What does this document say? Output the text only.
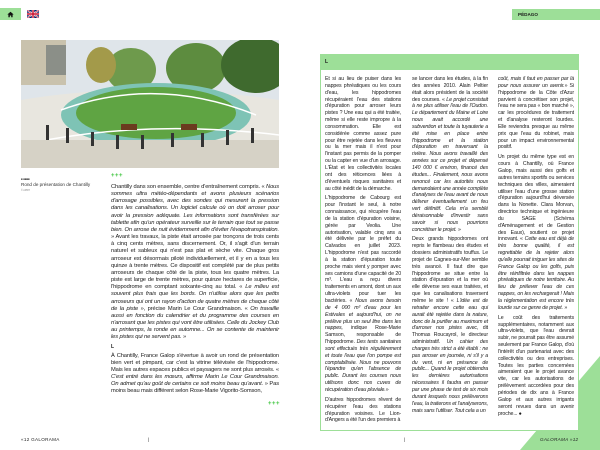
■ ■■■■
Rond de présentation de Chantilly
© APRH
+++

Chantilly dans son ensemble, centre d'entraînement compris. « Nous sommes ultra météo-dépendants et avons plusieurs scénarios d'arrosage possibles, avec des sondes qui mesurent la pression dans les canalisations. Un logiciel calcule où on doit arroser pour avoir la pression adéquate. Les informations sont transférées sur tablette afin qu'un opérateur surveille sur le terrain que tout se passe bien. On arrose de nuit évidemment afin d'éviter l'évapotranspiration. » Avant les travaux, la piste était arrosée par tronçons de trois cents à cinq cents mètres, sans discernement. Or, il s'agit d'un terrain naturel et sableux qui n'est pas plat et sèche vite. Chaque gros arroseur est désormais piloté individuellement, et il y en a tous les quinze à trente mètres. Ce dispositif est complété par de plus petits arroseurs de chaque côté de la piste, tous les quatre mètres. La piste est large de trente mètres, pour quinze hectares de superficie, l'hippodrome en comptant soixante-cinq au total. « Le milieu est souvent plus frais que les bords. On n'utilise alors que les petits arroseurs qui ont un rayon d'action de quatre mètres de chaque côté de la piste », précise Marin Le Cour Grandmaison. « On travaille aussi en fonction du calendrier et du programme des courses en n'arrosant que les pistes qui vont être utilisées. Celle du Jockey Club au printemps, la ronde en automne... On se contente de maintenir les pistes qui ne servent pas. »

L

À Chantilly, France Galop s'évertue à avoir un rond de présentation bien vert et pimpant, car c'est la vitrine télévisée de l'hippodrome. Mais les autres espaces publics et paysagers ne sont plus arrosés. « C'est entré dans les mœurs, affirme Marin Le Cour Grandmaison. On admet qu'au goût de certains ce soit moins beau qu'avant. » Pas moins beau mais différent selon Rose-Marie Vigorito-Somson,

+++
«12 GALORAMA	|	|	GALORAMA »12
PÉDAGO
L

Et si au lieu de puiser dans les nappes phréatiques ou les cours d'eau, les hippodromes récupéraient l'eau des stations d'épuration pour arroser leurs pistes ? Une eau qui a été traitée, même si elle reste impropre à la consommation. Elle est considérée comme assez pure pour être rejetée dans les fleuves ou la mer mais il n'est pour l'instant pas permis de la pomper ou la capter en vue d'un arrosage. L'État et les collectivités locales ont des réticences liées à d'éventuels risques sanitaires et au côté inédit de la démarche.

L'hippodrome de Cabourg est pour l'instant le seul, à notre connaissance, qui récupère l'eau de la station d'épuration voisine, gérée par Veolia. Une autorisation, valable cinq ans a été délivrée par le préfet du Calvados en juillet 2023. L'hippodrome n'est pas raccordé à la station d'épuration toute proche mais vient y pomper avec ses camions d'une capacité de 20 m³. L'eau a reçu divers traitements en amont, dont un aux ultra-violets pour tuer les bactéries. « Nous avons besoin de 4 000 m³ d'eau pour les Estivales et aujourd'hui, on ne prélève plus un seul litre dans les nappes, indique Rose-Marie Samson, responsable de l'hippodrome. Des tests sanitaires sont effectués très régulièrement et toute l'eau que l'on pompe est comptabilisée. Nous ne pouvons l'épandre qu'en l'absence de public. Durant les courses nous utilisons donc nos cuves de récupération d'eau pluviale.»

D'autres hippodromes rêvent de récupérer l'eau des stations d'épuration voisines. Le Lion-d'Angers a été l'un des premiers à

se lancer dans les études, à la fin des années 2010. Alain Peltier était alors président de la société des courses. « Le projet consistait à ne plus utiliser l'eau de l'Oudon. Le département du Maine et Loire nous avait accordé une subvention et toute la tuyauterie a été mise en place entre l'hippodrome et la station d'épuration en traversant la rivière. Nous avons travaillé des années sur ce projet et dépensé 140 000 € environ, financé des études... Finalement, nous avons renoncé car les autorités nous demandaient une année complète d'analyses de l'eau avant de nous délivrer éventuellement un feu vert définitif. Cela m'a semblé déraisonnable d'investir sans savoir si nous pourrions concrétiser le projet. »

Deux grands hippodromes ont repris le flambeau des études et dossiers administratifs touffus. Le projet de Cagnes-sur-Mer semble très avancé. Il faut dire que l'hippodrome se situe entre la station d'épuration et la mer où elle déverse ses eaux traitées, et que les canalisations traversent même le site ! « L'idée est de retraiter encore cette eau qui aurait été rejetée dans la nature, donc de la purifier au maximum et d'arroser nos pistes avec, dit Thomas Roucayrol, le directeur administratif. Un cahier des charges très strict a été établi : ne pas arroser en journée, ni s'il y a du vent, ni en présence de public... Quand le projet obtiendra les dernières autorisations nécessaires il faudra en passer par une phase de test de six mois durant lesquels nous prélèverons l'eau, la traiterons et l'analyserons, mais sans l'utiliser. Tout cela a un

coût, mais il faut en passer par là pour nous assurer un avenir.» Si l'hippodrome de la Côte d'Azur parvient à concrétiser son projet, l'eau ne sera pas « bon marché », car les procédures de traitement et d'analyse resteront lourdes. Elle reviendra presque au même prix que l'eau du robinet, mais pour un impact environnemental positif.

Un projet du même type est en cours à Chantilly, où France Galop, mais aussi des golfs et autres terrains sportifs ou services techniques des villes, aimeraient utiliser l'eau d'une grosse station d'épuration aujourd'hui déversée dans la Nonette. Clara Morvan, directrice technique et ingénieure du SAGE (Schéma d'Aménagement et de Gestion des Eaux), soutient ce projet innovant. « Cette eau est déjà de très bonne qualité, il est regrettable de la rejeter alors qu'elle pourrait irriguer les sites de France Galop ou les golfs, puis être réinfiltrée dans les nappes phréatiques de notre territoire. Au lieu de prélever l'eau de ces nappes, on les rechargerait ! Mais la réglementation est encore très lourde sur ce genre de projet. »

Le coût des traitements supplémentaires, notamment aux ultra-violets, que l'eau devrait subir, ne pourrait pas être assumé seulement par France Galop, d'où l'intérêt d'un partenariat avec des collectivités ou des entreprises. Toutes les parties concernées aimeraient que le projet avance vite, car les autorisations de prélèvement accordées pour des périodes de dix ans à France Galop et aux autres irrigants seront revues dans un avenir proche... ●
